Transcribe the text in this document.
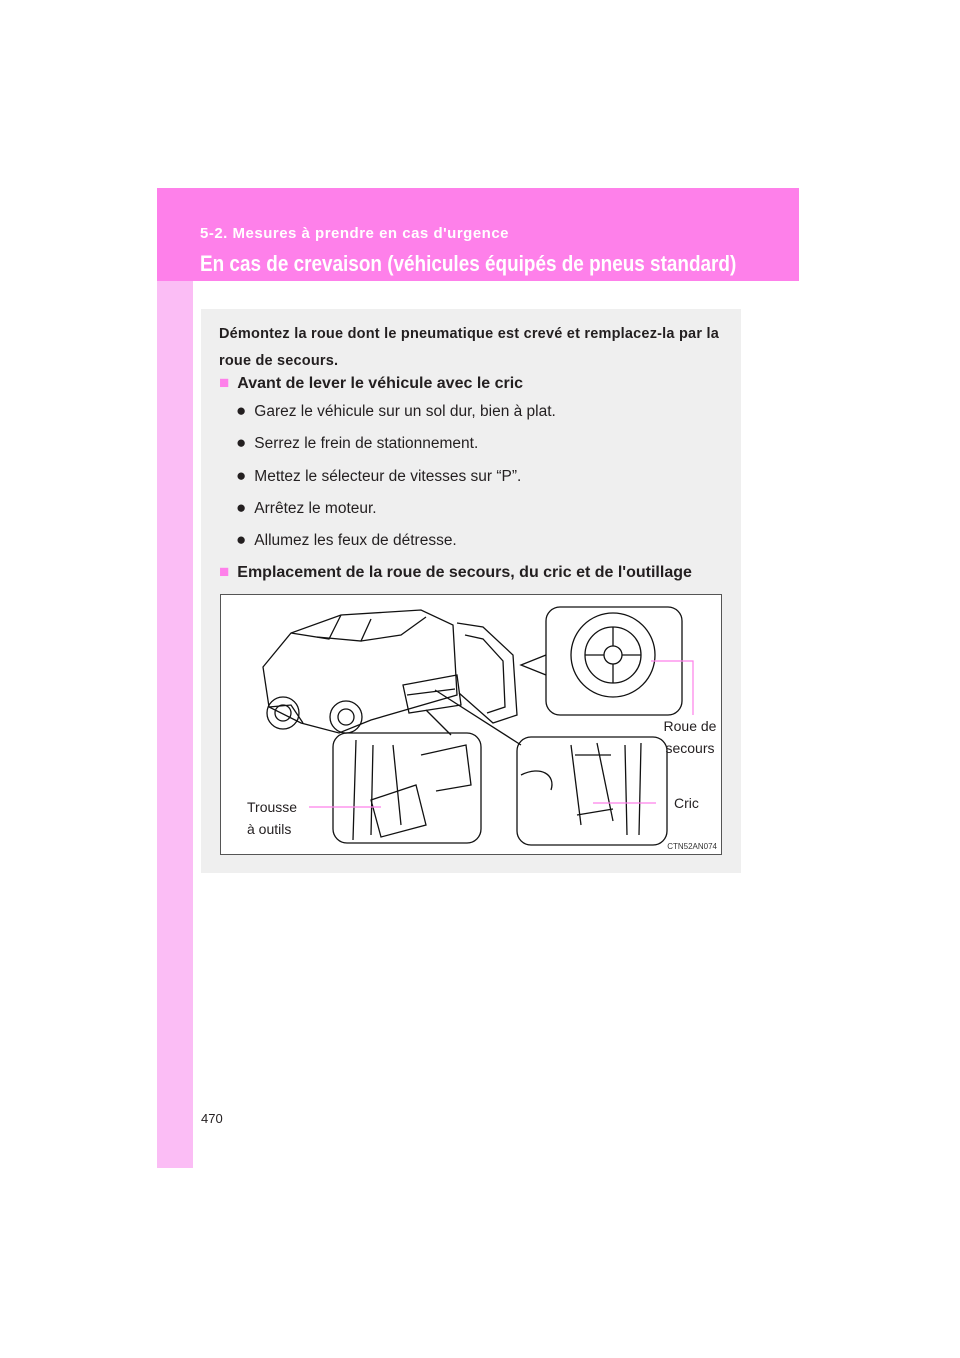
5-2. Mesures à prendre en cas d'urgence
En cas de crevaison (véhicules équipés de pneus standard)
Démontez la roue dont le pneumatique est crevé et remplacez-la par la roue de secours.
■ Avant de lever le véhicule avec le cric
● Garez le véhicule sur un sol dur, bien à plat.
● Serrez le frein de stationnement.
● Mettez le sélecteur de vitesses sur “P”.
● Arrêtez le moteur.
● Allumez les feux de détresse.
■ Emplacement de la roue de secours, du cric et de l'outillage
Roue de
secours
Cric
Trousse
à outils
CTN52AN074
470
